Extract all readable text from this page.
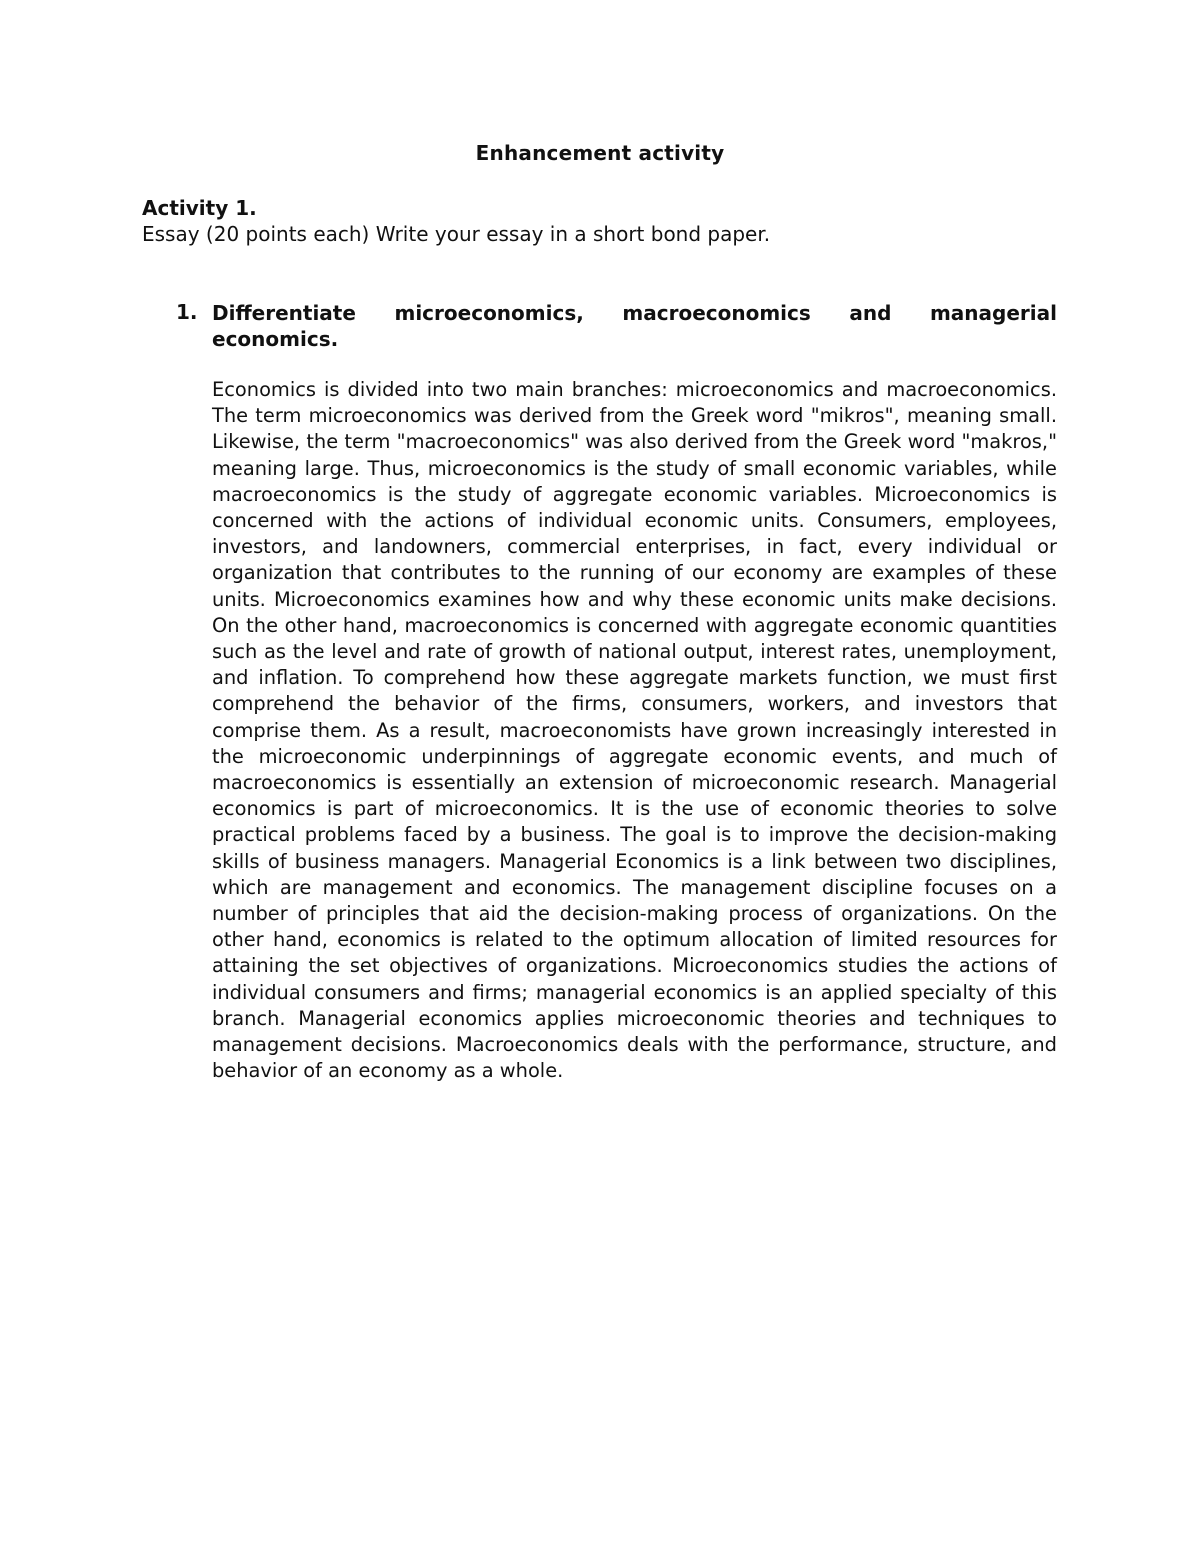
Enhancement activity
Activity 1.
Essay (20 points each) Write your essay in a short bond paper.
1. Differentiate microeconomics, macroeconomics and managerial economics.

Economics is divided into two main branches: microeconomics and macroeconomics. The term microeconomics was derived from the Greek word "mikros", meaning small. Likewise, the term "macroeconomics" was also derived from the Greek word "makros," meaning large. Thus, microeconomics is the study of small economic variables, while macroeconomics is the study of aggregate economic variables. Microeconomics is concerned with the actions of individual economic units. Consumers, employees, investors, and landowners, commercial enterprises, in fact, every individual or organization that contributes to the running of our economy are examples of these units. Microeconomics examines how and why these economic units make decisions. On the other hand, macroeconomics is concerned with aggregate economic quantities such as the level and rate of growth of national output, interest rates, unemployment, and inflation. To comprehend how these aggregate markets function, we must first comprehend the behavior of the firms, consumers, workers, and investors that comprise them. As a result, macroeconomists have grown increasingly interested in the microeconomic underpinnings of aggregate economic events, and much of macroeconomics is essentially an extension of microeconomic research. Managerial economics is part of microeconomics. It is the use of economic theories to solve practical problems faced by a business. The goal is to improve the decision-making skills of business managers. Managerial Economics is a link between two disciplines, which are management and economics. The management discipline focuses on a number of principles that aid the decision-making process of organizations. On the other hand, economics is related to the optimum allocation of limited resources for attaining the set objectives of organizations. Microeconomics studies the actions of individual consumers and firms; managerial economics is an applied specialty of this branch. Managerial economics applies microeconomic theories and techniques to management decisions. Macroeconomics deals with the performance, structure, and behavior of an economy as a whole.
